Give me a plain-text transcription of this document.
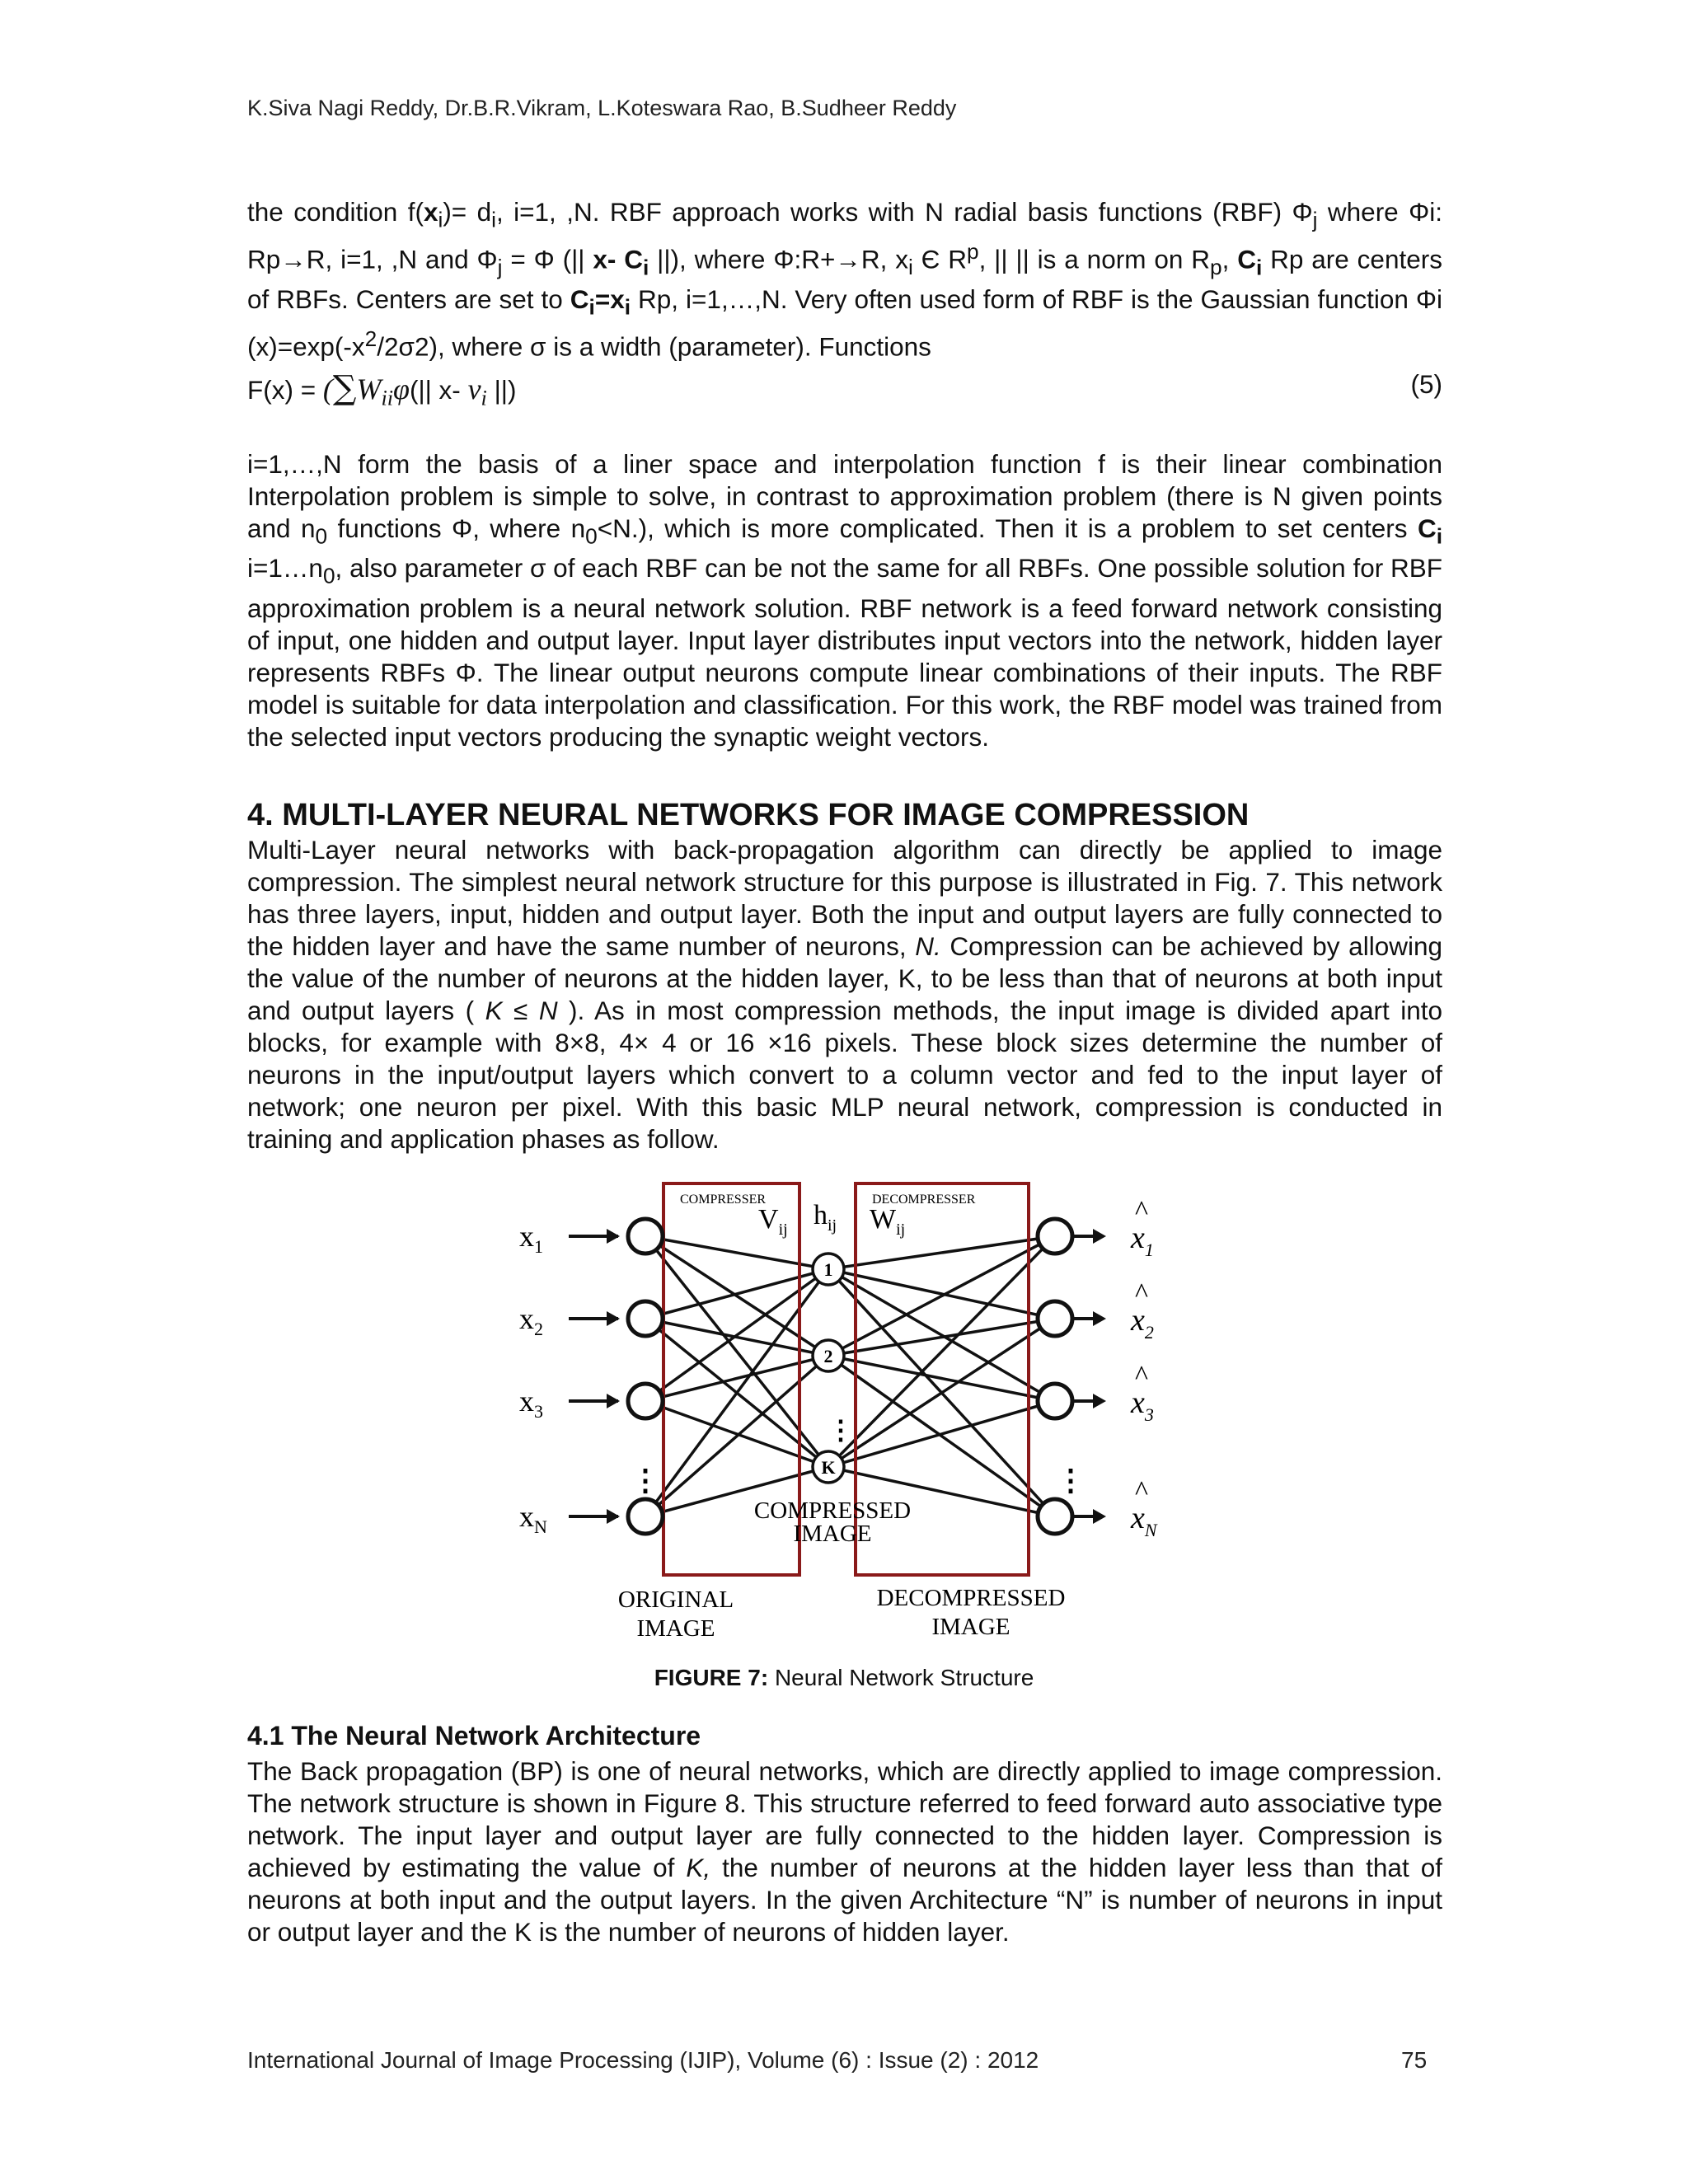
K.Siva Nagi Reddy, Dr.B.R.Vikram, L.Koteswara Rao, B.Sudheer Reddy
the condition $f(x_i)= d_i$, i=1, ,N. RBF approach works with N radial basis functions (RBF) $\Phi_j$ where Φi: Rp→R, i=1, ,N and $\Phi_j = \Phi$ (|| x- $C_i$ ||), where Φ:R+→R, $x_i$ Є $R^p$, || || is a norm on $R_p$, $C_i$ Rp are centers of RBFs. Centers are set to $C_i=x_i$ Rp, i=1,…,N. Very often used form of RBF is the Gaussian function Φi $(x)=\exp(-x^2/2\sigma 2)$, where σ is a width (parameter). Functions
$F(x) = (\sum W_{ii}\varphi(||$ x- $v_i$ ||)	(5)
i=1,…,N form the basis of a liner space and interpolation function f is their linear combination Interpolation problem is simple to solve, in contrast to approximation problem (there is N given points and $n_0$ functions Φ, where $n_0<N$.), which is more complicated. Then it is a problem to set centers $C_i$ $i=1\dots n_0$, also parameter σ of each RBF can be not the same for all RBFs. One possible solution for RBF approximation problem is a neural network solution. RBF network is a feed forward network consisting of input, one hidden and output layer. Input layer distributes input vectors into the network, hidden layer represents RBFs Φ. The linear output neurons compute linear combinations of their inputs. The RBF model is suitable for data interpolation and classification. For this work, the RBF model was trained from the selected input vectors producing the synaptic weight vectors.
4. MULTI-LAYER NEURAL NETWORKS FOR IMAGE COMPRESSION
Multi-Layer neural networks with back-propagation algorithm can directly be applied to image compression. The simplest neural network structure for this purpose is illustrated in Fig. 7. This network has three layers, input, hidden and output layer. Both the input and output layers are fully connected to the hidden layer and have the same number of neurons, N. Compression can be achieved by allowing the value of the number of neurons at the hidden layer, K, to be less than that of neurons at both input and output layers ( K ≤ N ). As in most compression methods, the input image is divided apart into blocks, for example with 8×8, 4× 4 or 16 ×16 pixels. These block sizes determine the number of neurons in the input/output layers which convert to a column vector and fed to the input layer of network; one neuron per pixel. With this basic MLP neural network, compression is conducted in training and application phases as follow.
1
2
K
COMPRESSER	DECOMPRESSER
$V_{ij}$ $h_{ij}$ $W_{ij}$
$x_1$
$x_2$
$x_3$
$x_N$
^
$x_1$
^
$x_2$
^
$x_3$
^
$x_N$
⋮
⋮
⋮
COMPRESSED
IMAGE
ORIGINAL
IMAGE
DECOMPRESSED
IMAGE
FIGURE 7: Neural Network Structure
4.1 The Neural Network Architecture
The Back propagation (BP) is one of neural networks, which are directly applied to image compression. The network structure is shown in Figure 8. This structure referred to feed forward auto associative type network. The input layer and output layer are fully connected to the hidden layer. Compression is achieved by estimating the value of K, the number of neurons at the hidden layer less than that of neurons at both input and the output layers. In the given Architecture “N” is number of neurons in input or output layer and the K is the number of neurons of hidden layer.
International Journal of Image Processing (IJIP), Volume (6) : Issue (2) : 2012	75
